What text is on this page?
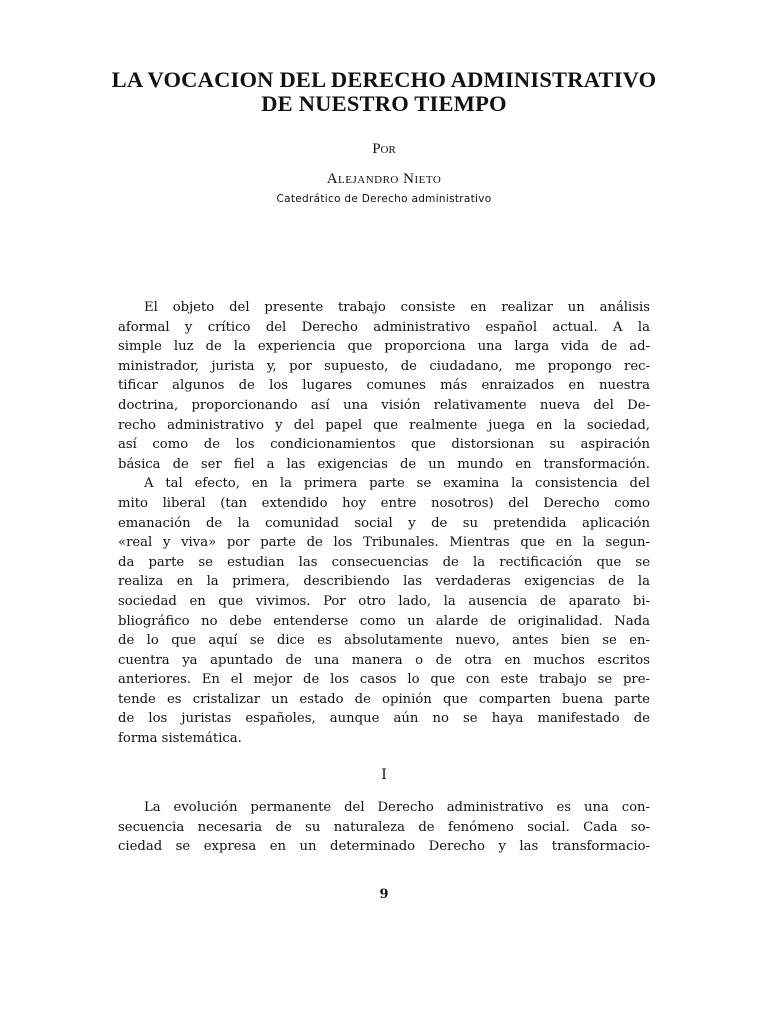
LA VOCACION DEL DERECHO ADMINISTRATIVO
DE NUESTRO TIEMPO

Por

Alejandro Nieto

Catedrático de Derecho administrativo

El objeto del presente trabajo consiste en realizar un análisis
aformal y crítico del Derecho administrativo español actual. A la
simple luz de la experiencia que proporciona una larga vida de ad-
ministrador, jurista y, por supuesto, de ciudadano, me propongo rec-
tificar algunos de los lugares comunes más enraizados en nuestra
doctrina, proporcionando así una visión relativamente nueva del De-
recho administrativo y del papel que realmente juega en la sociedad,
así como de los condicionamientos que distorsionan su aspiración
básica de ser fiel a las exigencias de un mundo en transformación.
A tal efecto, en la primera parte se examina la consistencia del
mito liberal (tan extendido hoy entre nosotros) del Derecho como
emanación de la comunidad social y de su pretendida aplicación
«real y viva» por parte de los Tribunales. Mientras que en la segun-
da parte se estudian las consecuencias de la rectificación que se
realiza en la primera, describiendo las verdaderas exigencias de la
sociedad en que vivimos. Por otro lado, la ausencia de aparato bi-
bliográfico no debe entenderse como un alarde de originalidad. Nada
de lo que aquí se dice es absolutamente nuevo, antes bien se en-
cuentra ya apuntado de una manera o de otra en muchos escritos
anteriores. En el mejor de los casos lo que con este trabajo se pre-
tende es cristalizar un estado de opinión que comparten buena parte
de los juristas españoles, aunque aún no se haya manifestado de
forma sistemática.

I

La evolución permanente del Derecho administrativo es una con-
secuencia necesaria de su naturaleza de fenómeno social. Cada so-
ciedad se expresa en un determinado Derecho y las transformacio-

9
